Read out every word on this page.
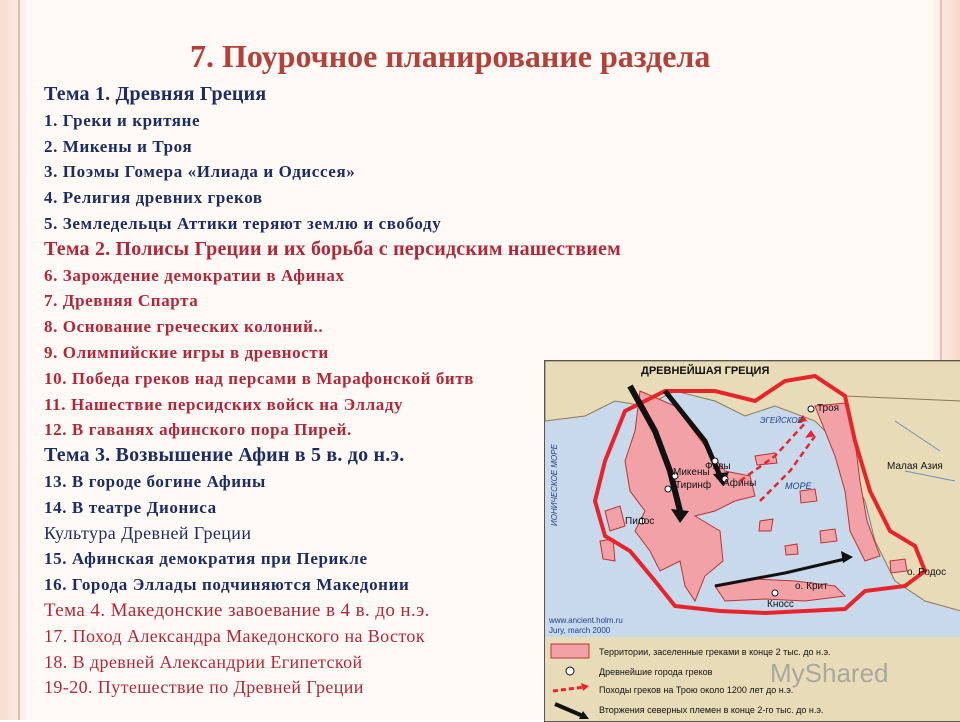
7. Поурочное планирование раздела
Тема 1. Древняя Греция
1. Греки и критяне
2. Микены и Троя
3. Поэмы Гомера «Илиада и Одиссея»
4. Религия древних греков
5. Земледельцы Аттики теряют землю и свободу
Тема 2. Полисы Греции и их борьба с персидским нашествием
6. Зарождение демократии в Афинах
7. Древняя Спарта
8. Основание греческих колоний..
9. Олимпийские игры в древности
10. Победа греков над персами в Марафонской битв
11. Нашествие персидских войск на Элладу
12. В гаванях афинского пора Пирей.
Тема 3. Возвышение Афин в 5 в. до н.э.
13. В городе богине Афины
14. В театре Диониса
Культура Древней Греции
15. Афинская демократия при Перикле
16. Города Эллады подчиняются Македонии
Тема 4. Македонские завоевание в 4 в. до н.э.
17. Поход Александра Македонского на Восток
18. В древней Александрии Египетской
19-20. Путешествие по Древней Греции
ДРЕВНЕЙШАЯ ГРЕЦИЯ
ИОНИЧЕСКОЕ МОРЕ
ЭГЕЙСКОЕ
МОРЕ
Троя
Микены
Тиринф
Пилос
Фивы
Афины
Малая Азия
о. Крит
Кносс
о. Родос
www.ancient.holm.ru
Jury, march 2000
Территории, заселенные греками в конце 2 тыс. до н.э.
Древнейшие города греков
Походы греков на Трою около 1200 лет до н.э.
Вторжения северных племен в конце 2-го тыс. до н.э.
MyShared
